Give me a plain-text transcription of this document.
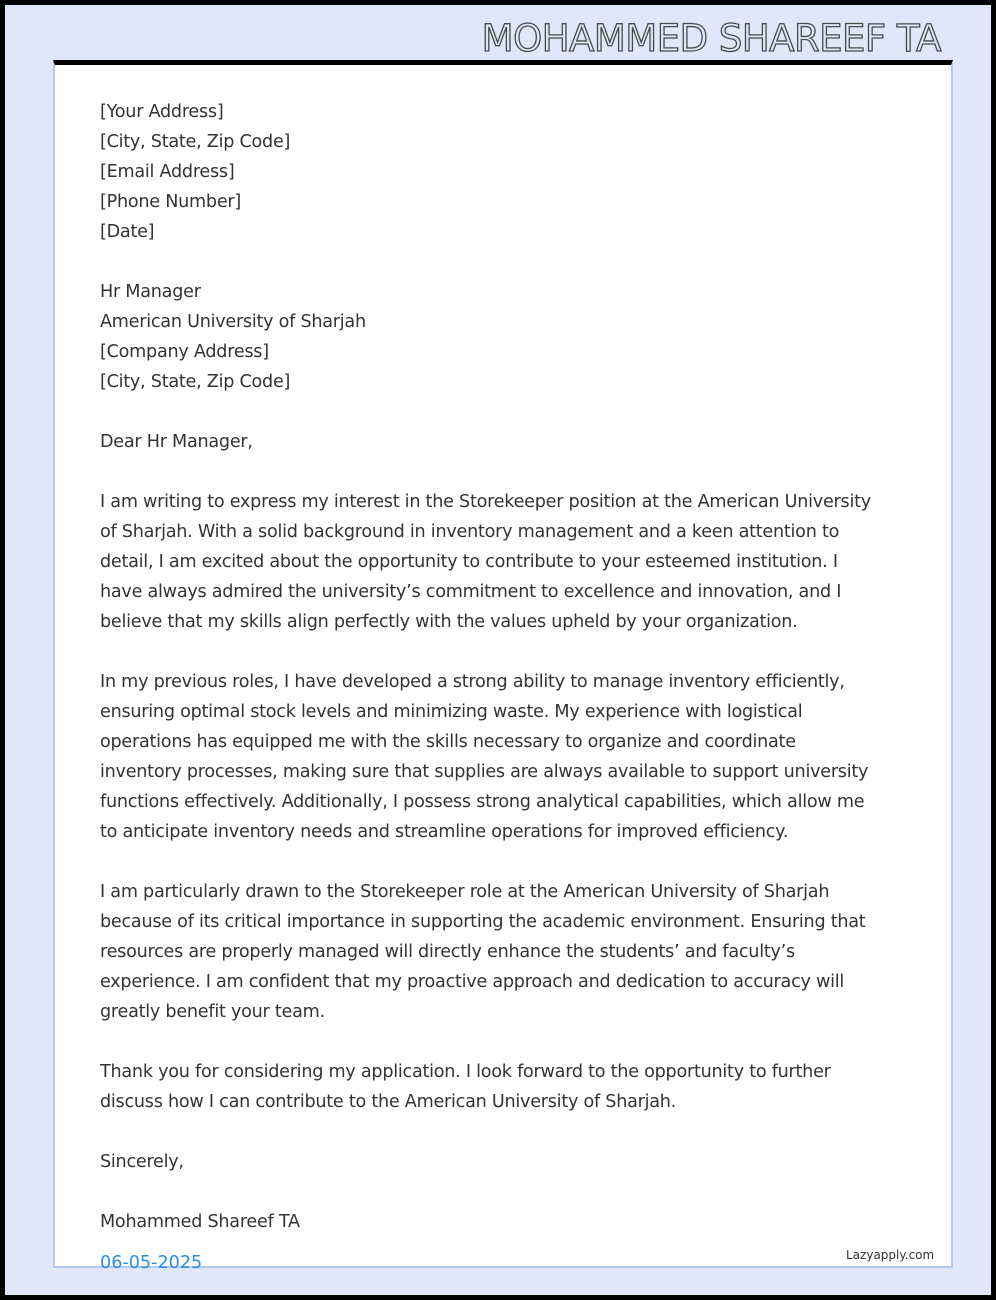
MOHAMMED SHAREEF TA
[Your Address]
[City, State, Zip Code]
[Email Address]
[Phone Number]
[Date]
Hr Manager
American University of Sharjah
[Company Address]
[City, State, Zip Code]
Dear Hr Manager,
I am writing to express my interest in the Storekeeper position at the American University
of Sharjah. With a solid background in inventory management and a keen attention to
detail, I am excited about the opportunity to contribute to your esteemed institution. I
have always admired the university’s commitment to excellence and innovation, and I
believe that my skills align perfectly with the values upheld by your organization.
In my previous roles, I have developed a strong ability to manage inventory efficiently,
ensuring optimal stock levels and minimizing waste. My experience with logistical
operations has equipped me with the skills necessary to organize and coordinate
inventory processes, making sure that supplies are always available to support university
functions effectively. Additionally, I possess strong analytical capabilities, which allow me
to anticipate inventory needs and streamline operations for improved efficiency.
I am particularly drawn to the Storekeeper role at the American University of Sharjah
because of its critical importance in supporting the academic environment. Ensuring that
resources are properly managed will directly enhance the students’ and faculty’s
experience. I am confident that my proactive approach and dedication to accuracy will
greatly benefit your team.
Thank you for considering my application. I look forward to the opportunity to further
discuss how I can contribute to the American University of Sharjah.
Sincerely,
Mohammed Shareef TA
06-05-2025	Lazyapply.com
